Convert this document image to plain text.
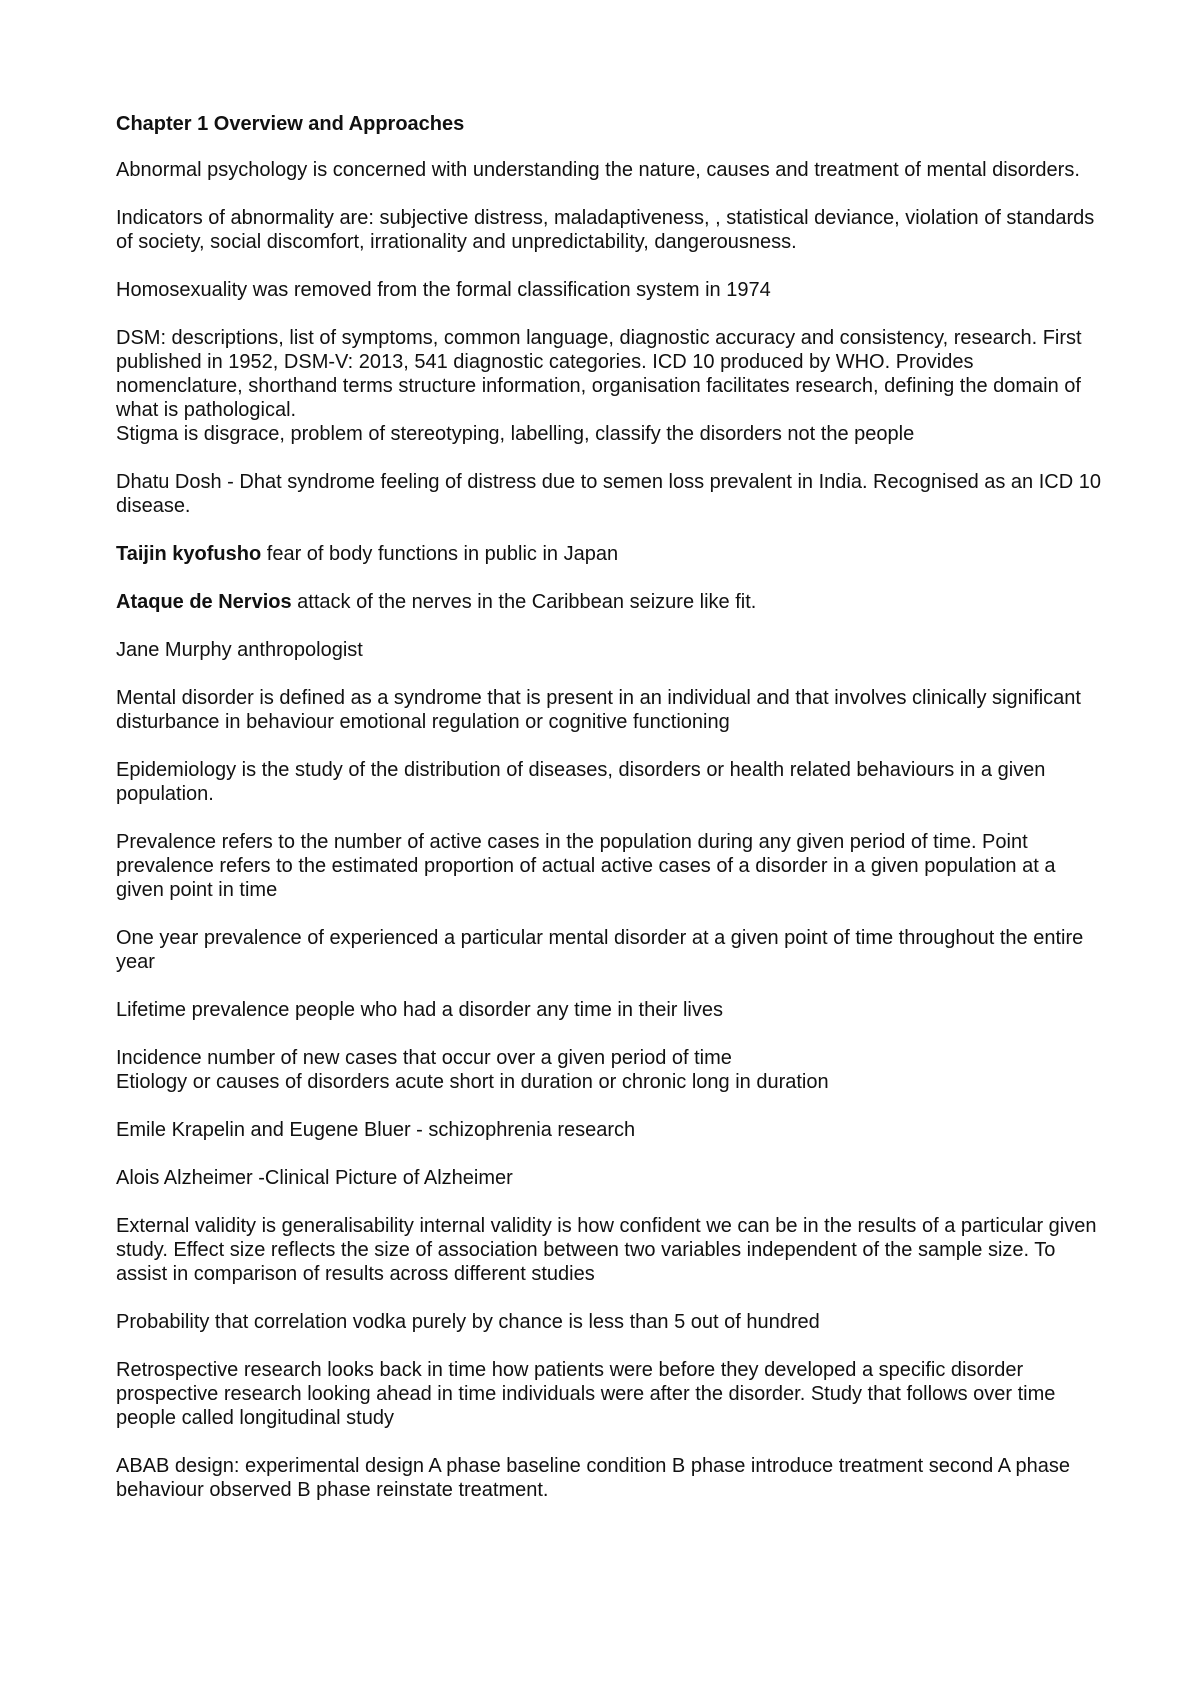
Chapter 1 Overview and Approaches
Abnormal psychology is concerned with understanding the nature, causes and treatment of mental disorders.
Indicators of abnormality are: subjective distress, maladaptiveness, , statistical deviance, violation of standards of society, social discomfort, irrationality and unpredictability, dangerousness.
Homosexuality was removed from the formal classification system in 1974
DSM: descriptions, list of symptoms, common language, diagnostic accuracy and consistency, research. First published in 1952, DSM-V: 2013, 541 diagnostic categories. ICD 10 produced by WHO. Provides nomenclature, shorthand terms structure information, organisation facilitates research, defining the domain of what is pathological.
Stigma is disgrace, problem of stereotyping, labelling, classify the disorders not the people
Dhatu Dosh - Dhat syndrome feeling of distress due to semen loss prevalent in India. Recognised as an ICD 10 disease.
Taijin kyofusho fear of body functions in public in Japan
Ataque de Nervios attack of the nerves in the Caribbean seizure like fit.
Jane Murphy anthropologist
Mental disorder is defined as a syndrome that is present in an individual and that involves clinically significant disturbance in behaviour emotional regulation or cognitive functioning
Epidemiology is the study of the distribution of diseases, disorders or health related behaviours in a given population.
Prevalence refers to the number of active cases in the population during any given period of time. Point prevalence refers to the estimated proportion of actual active cases of a disorder in a given population at a given point in time
One year prevalence of experienced a particular mental disorder at a given point of time throughout the entire year
Lifetime prevalence people who had a disorder any time in their lives
Incidence number of new cases that occur over a given period of time
Etiology or causes of disorders acute short in duration or chronic long in duration
Emile Krapelin and Eugene Bluer - schizophrenia research
Alois Alzheimer -Clinical Picture of Alzheimer
External validity is generalisability internal validity is how confident we can be in the results of a particular given study. Effect size reflects the size of association between two variables independent of the sample size. To assist in comparison of results across different studies
Probability that correlation vodka purely by chance is less than 5 out of hundred
Retrospective research looks back in time how patients were before they developed a specific disorder prospective research looking ahead in time individuals were after the disorder. Study that follows over time people called longitudinal study
ABAB design: experimental design A phase baseline condition B phase introduce treatment second A phase behaviour observed B phase reinstate treatment.
